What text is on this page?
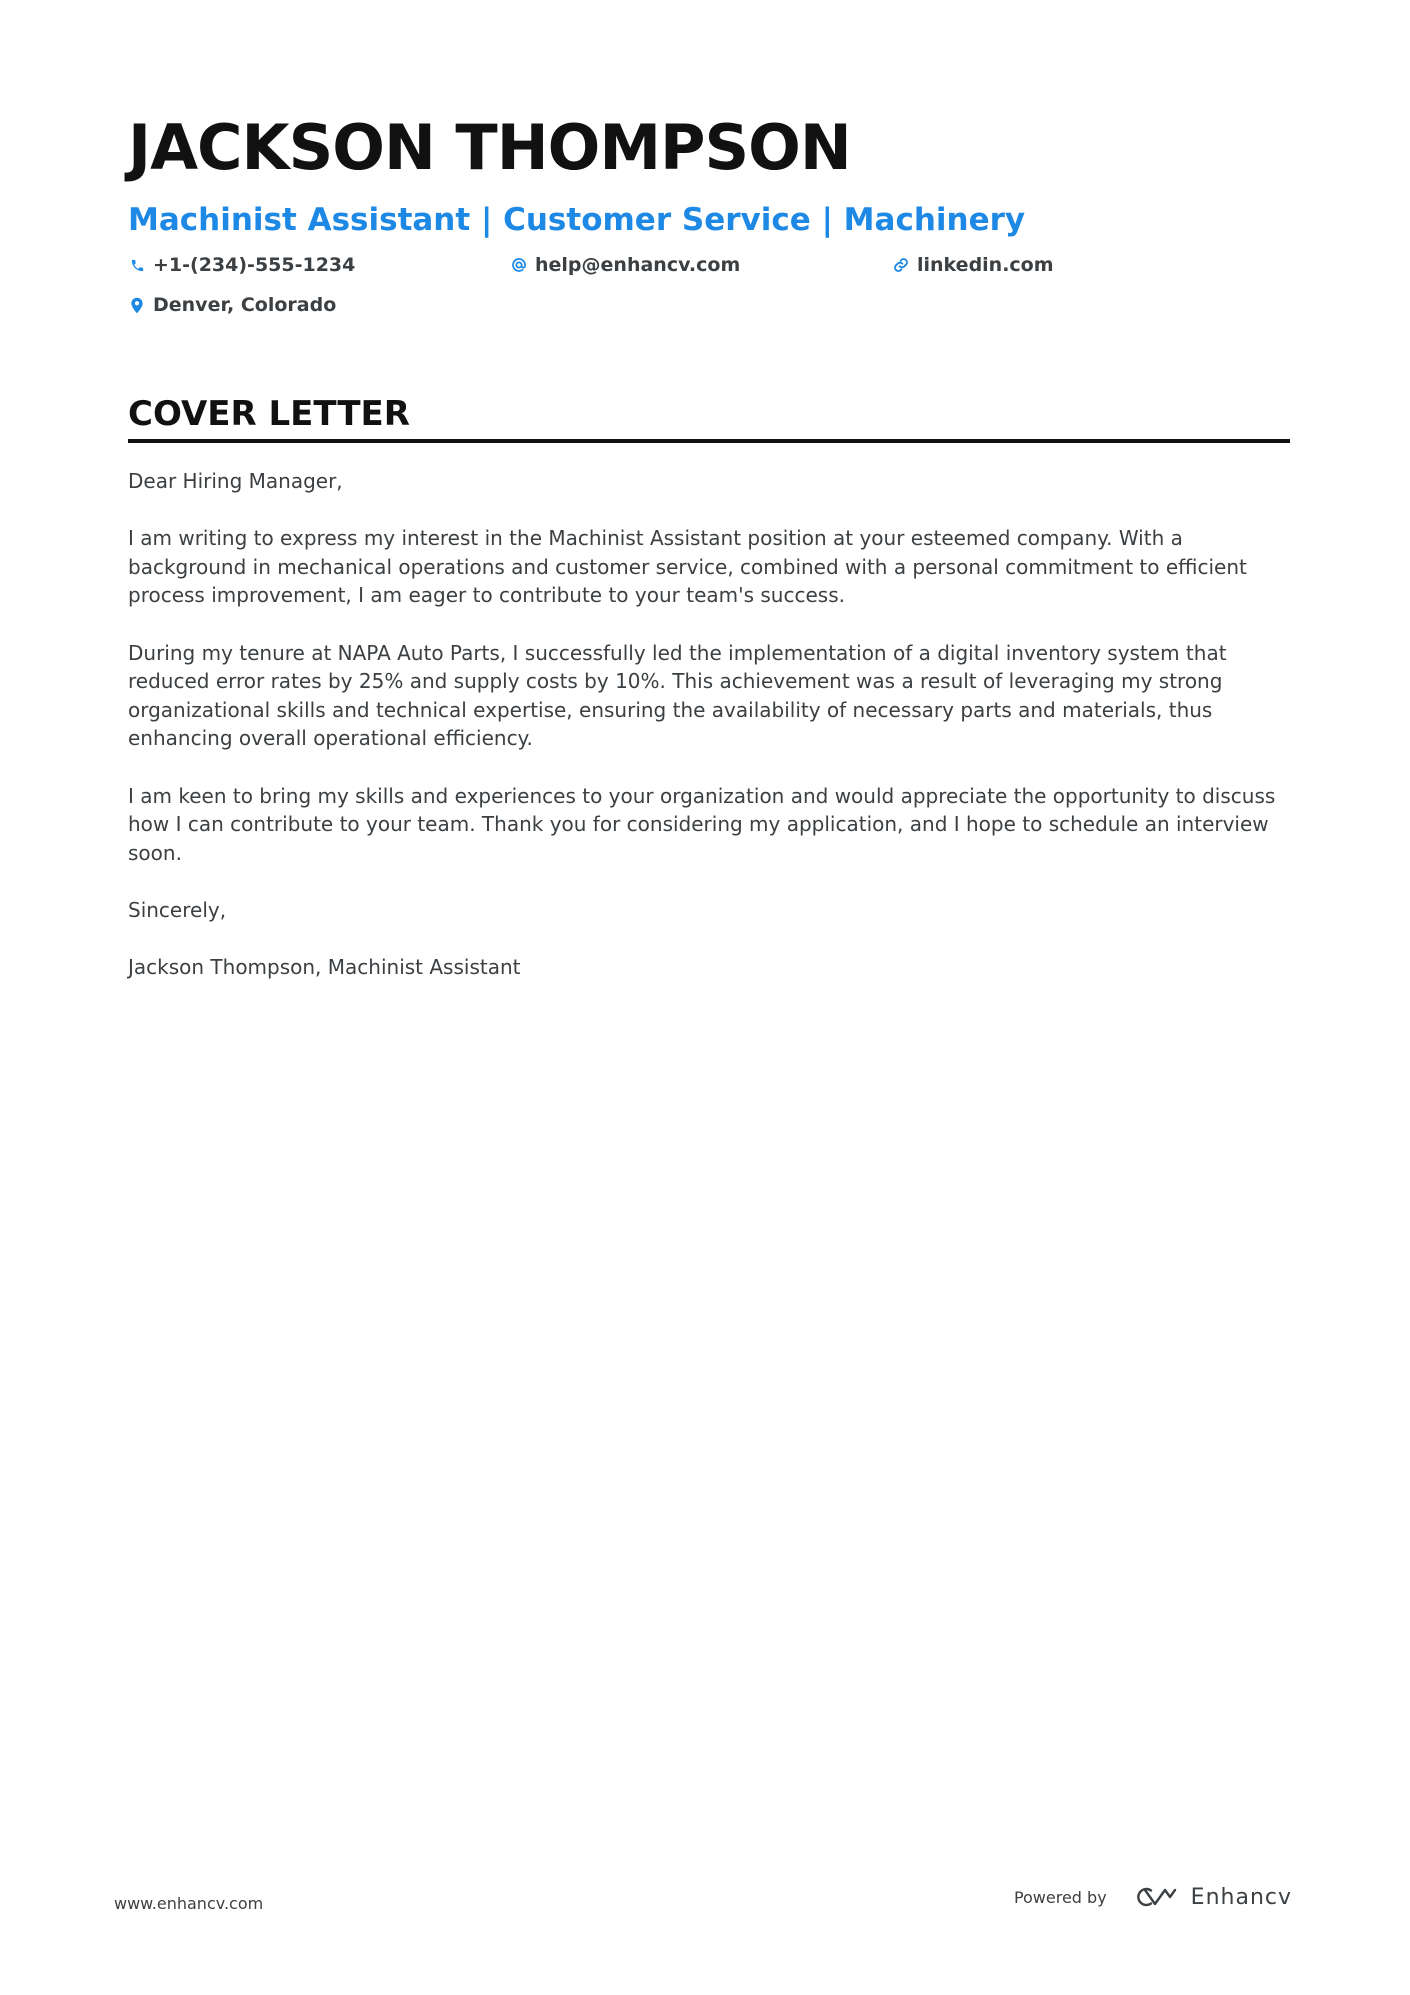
JACKSON THOMPSON
Machinist Assistant | Customer Service | Machinery
+1-(234)-555-1234	help@enhancv.com	linkedin.com
Denver, Colorado
COVER LETTER

Dear Hiring Manager,

I am writing to express my interest in the Machinist Assistant position at your esteemed company. With a background in mechanical operations and customer service, combined with a personal commitment to efficient process improvement, I am eager to contribute to your team's success.

During my tenure at NAPA Auto Parts, I successfully led the implementation of a digital inventory system that reduced error rates by 25% and supply costs by 10%. This achievement was a result of leveraging my strong organizational skills and technical expertise, ensuring the availability of necessary parts and materials, thus enhancing overall operational efficiency.

I am keen to bring my skills and experiences to your organization and would appreciate the opportunity to discuss how I can contribute to your team. Thank you for considering my application, and I hope to schedule an interview soon.

Sincerely,

Jackson Thompson, Machinist Assistant

www.enhancv.com	Powered by	Enhancv
